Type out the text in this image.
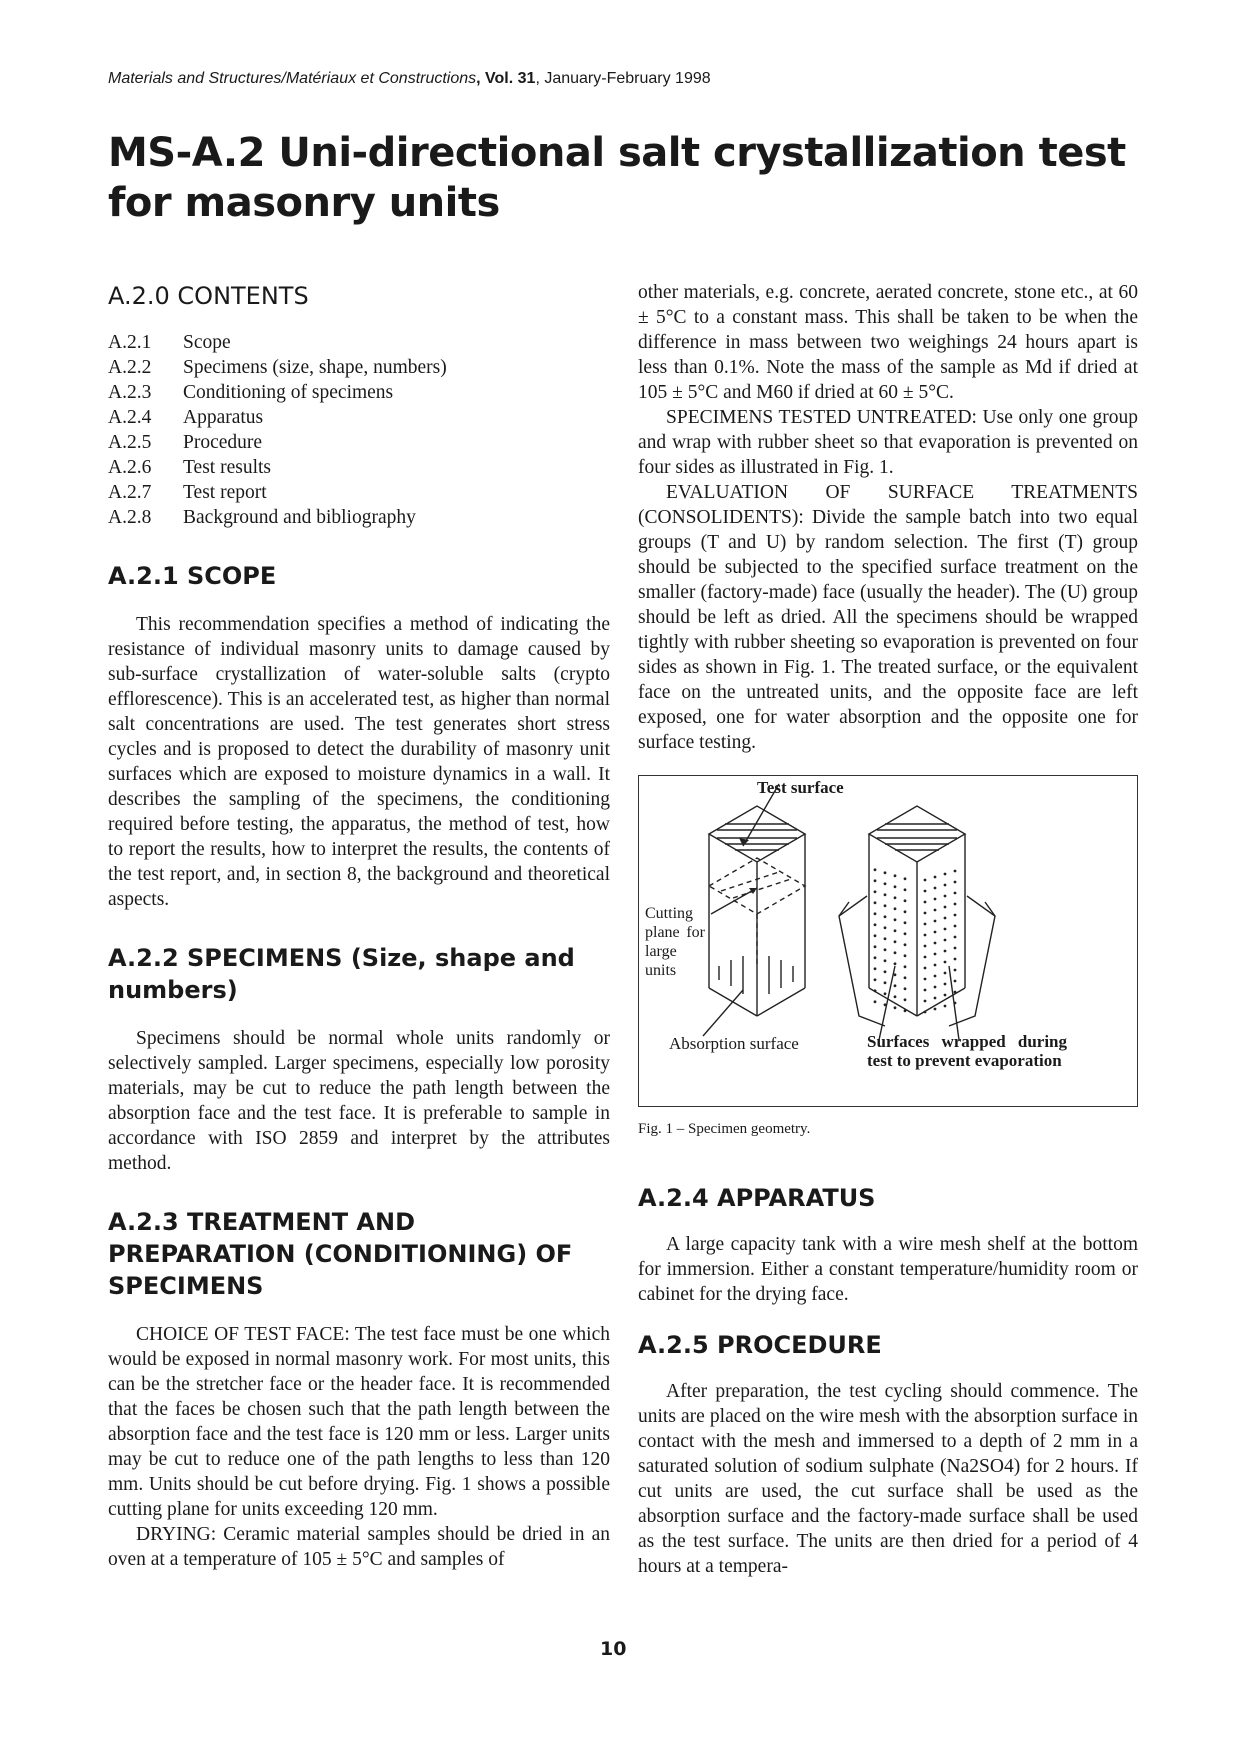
Materials and Structures/Matériaux et Constructions, Vol. 31, January-February 1998
MS-A.2 Uni-directional salt crystallization test for masonry units
A.2.0 CONTENTS
A.2.1	Scope
A.2.2	Specimens (size, shape, numbers)
A.2.3	Conditioning of specimens
A.2.4	Apparatus
A.2.5	Procedure
A.2.6	Test results
A.2.7	Test report
A.2.8	Background and bibliography
A.2.1 SCOPE

This recommendation specifies a method of indicating the resistance of individual masonry units to damage caused by sub-surface crystallization of water-soluble salts (crypto efflorescence). This is an accelerated test, as higher than normal salt concentrations are used. The test generates short stress cycles and is proposed to detect the durability of masonry unit surfaces which are exposed to moisture dynamics in a wall. It describes the sampling of the specimens, the conditioning required before testing, the apparatus, the method of test, how to report the results, how to interpret the results, the contents of the test report, and, in section 8, the background and theoretical aspects.

A.2.2 SPECIMENS (Size, shape and numbers)

Specimens should be normal whole units randomly or selectively sampled. Larger specimens, especially low porosity materials, may be cut to reduce the path length between the absorption face and the test face. It is preferable to sample in accordance with ISO 2859 and interpret by the attributes method.

A.2.3 TREATMENT AND PREPARATION (CONDITIONING) OF SPECIMENS

CHOICE OF TEST FACE: The test face must be one which would be exposed in normal masonry work. For most units, this can be the stretcher face or the header face. It is recommended that the faces be chosen such that the path length between the absorption face and the test face is 120 mm or less. Larger units may be cut to reduce one of the path lengths to less than 120 mm. Units should be cut before drying. Fig. 1 shows a possible cutting plane for units exceeding 120 mm.

DRYING: Ceramic material samples should be dried in an oven at a temperature of 105 ± 5°C and samples of

other materials, e.g. concrete, aerated concrete, stone etc., at 60 ± 5°C to a constant mass. This shall be taken to be when the difference in mass between two weighings 24 hours apart is less than 0.1%. Note the mass of the sample as Md if dried at 105 ± 5°C and M60 if dried at 60 ± 5°C.

SPECIMENS TESTED UNTREATED: Use only one group and wrap with rubber sheet so that evaporation is prevented on four sides as illustrated in Fig. 1.

EVALUATION OF SURFACE TREATMENTS (CONSOLIDENTS): Divide the sample batch into two equal groups (T and U) by random selection. The first (T) group should be subjected to the specified surface treatment on the smaller (factory-made) face (usually the header). The (U) group should be left as dried. All the specimens should be wrapped tightly with rubber sheeting so evaporation is prevented on four sides as shown in Fig. 1. The treated surface, or the equivalent face on the untreated units, and the opposite face are left exposed, one for water absorption and the opposite one for surface testing.

Test surface
Cutting plane for large units
Absorption surface	Surfaces wrapped during test to prevent evaporation
Fig. 1 – Specimen geometry.
A.2.4 APPARATUS

A large capacity tank with a wire mesh shelf at the bottom for immersion. Either a constant temperature/humidity room or cabinet for the drying face.

A.2.5 PROCEDURE

After preparation, the test cycling should commence. The units are placed on the wire mesh with the absorption surface in contact with the mesh and immersed to a depth of 2 mm in a saturated solution of sodium sulphate (Na2SO4) for 2 hours. If cut units are used, the cut surface shall be used as the absorption surface and the factory-made surface shall be used as the test surface. The units are then dried for a period of 4 hours at a tempera-

10
